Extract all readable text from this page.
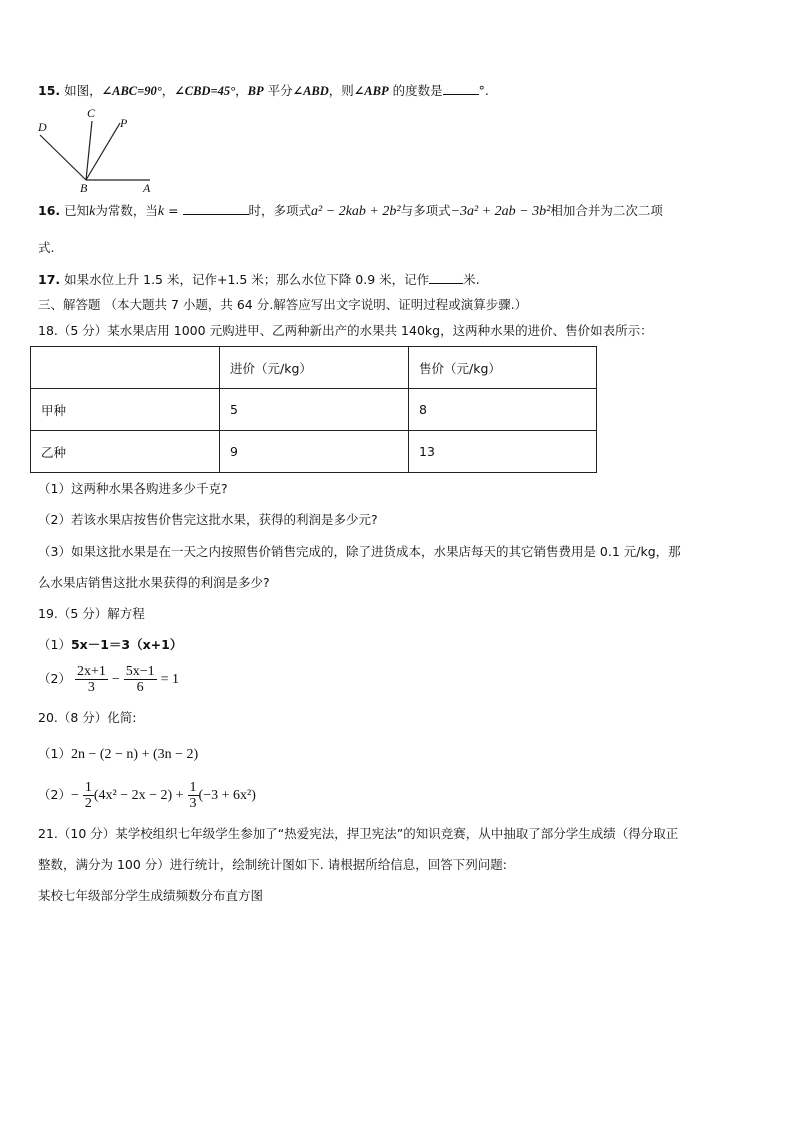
15. 如图，∠ABC=90°，∠CBD=45°，BP 平分∠ABD，则∠ABP 的度数是	°.
D
C
P
B	A
16. 已知k为常数，当k =	时，多项式a² − 2kab + 2b²与多项式−3a² + 2ab − 3b²相加合并为二次二项
式.
17. 如果水位上升 1.5 米，记作+1.5 米；那么水位下降 0.9 米，记作	米.
三、解答题 （本大题共 7 小题，共 64 分.解答应写出文字说明、证明过程或演算步骤.）
18.（5 分）某水果店用 1000 元购进甲、乙两种新出产的水果共 140kg，这两种水果的进价、售价如表所示：
	进价（元/kg）	售价（元/kg）
甲种	5	8
乙种	9	13
（1）这两种水果各购进多少千克?
（2）若该水果店按售价售完这批水果，获得的利润是多少元?
（3）如果这批水果是在一天之内按照售价销售完成的，除了进货成本，水果店每天的其它销售费用是 0.1 元/kg，那
么水果店销售这批水果获得的利润是多少?
19.（5 分）解方程
（1）5x－1＝3（x+1）
$(2) \frac{2x+1}{3} - \frac{5x-1}{6} = 1$
20.（8 分）化简:
（1）2n − (2 − n) + (3n − 2)
$(2)- \frac{1}{2} (4x^2 - 2x - 2) + \frac{1}{3} (-3 + 6x^2)$
21.（10 分）某学校组织七年级学生参加了“热爱宪法，捍卫宪法”的知识竞赛，从中抽取了部分学生成绩（得分取正
整数，满分为 100 分）进行统计，绘制统计图如下. 请根据所给信息，回答下列问题:
某校七年级部分学生成绩频数分布直方图
